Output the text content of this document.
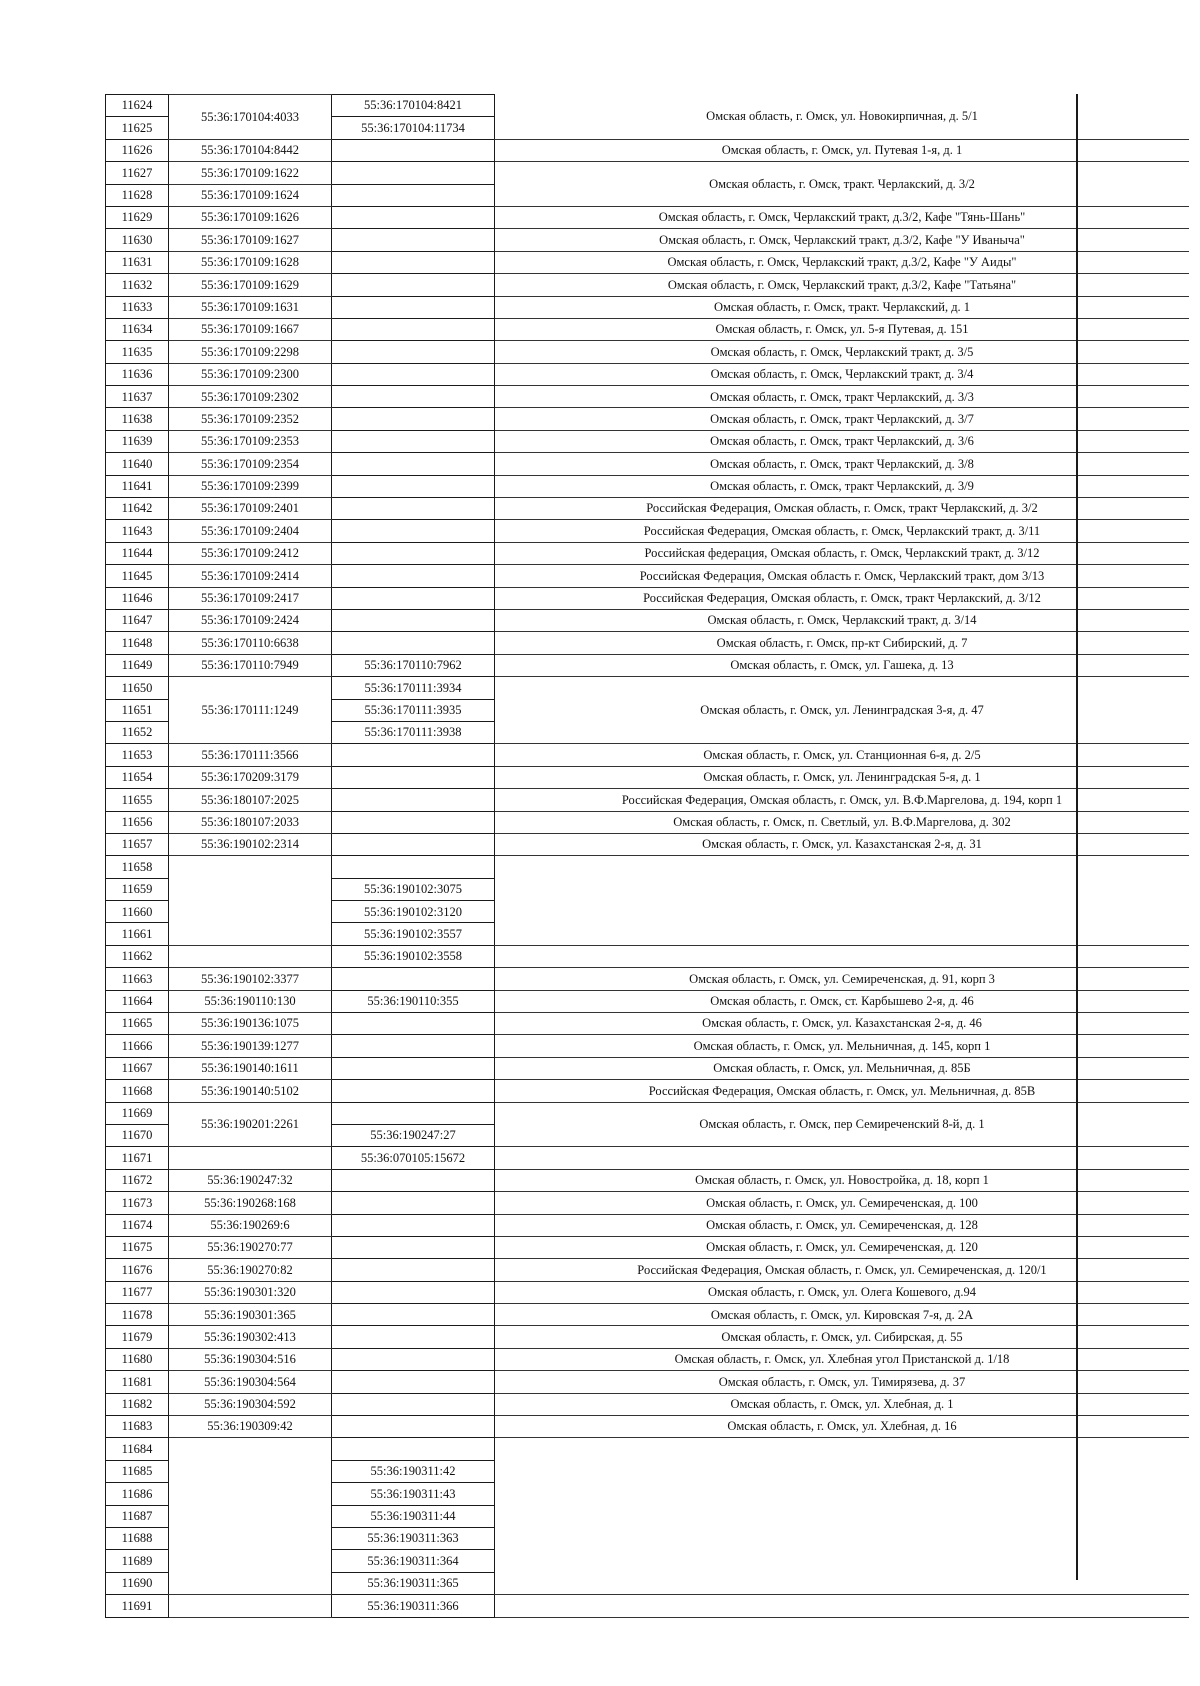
11624	55:36:170104:4033	55:36:170104:8421	Омская область, г. Омск, ул. Новокирпичная, д. 5/1
11625		55:36:170104:11734	
11626	55:36:170104:8442		Омская область, г. Омск, ул. Путевая 1-я, д. 1
11627	55:36:170109:1622		Омская область, г. Омск, тракт. Черлакский, д. 3/2
11628	55:36:170109:1624		
11629	55:36:170109:1626		Омская область, г. Омск, Черлакский тракт, д.3/2, Кафе "Тянь-Шань"
11630	55:36:170109:1627		Омская область, г. Омск, Черлакский тракт, д.3/2, Кафе "У Иваныча"
11631	55:36:170109:1628		Омская область, г. Омск, Черлакский тракт, д.3/2, Кафе "У Аиды"
11632	55:36:170109:1629		Омская область, г. Омск, Черлакский тракт, д.3/2, Кафе "Татьяна"
11633	55:36:170109:1631		Омская область, г. Омск, тракт. Черлакский, д. 1
11634	55:36:170109:1667		Омская область, г. Омск, ул. 5-я Путевая, д. 151
11635	55:36:170109:2298		Омская область, г. Омск, Черлакский тракт, д. 3/5
11636	55:36:170109:2300		Омская область, г. Омск, Черлакский тракт, д. 3/4
11637	55:36:170109:2302		Омская область, г. Омск, тракт Черлакский, д. 3/3
11638	55:36:170109:2352		Омская область, г. Омск, тракт Черлакский, д. 3/7
11639	55:36:170109:2353		Омская область, г. Омск, тракт Черлакский, д. 3/6
11640	55:36:170109:2354		Омская область, г. Омск, тракт Черлакский, д. 3/8
11641	55:36:170109:2399		Омская область, г. Омск, тракт Черлакский, д. 3/9
11642	55:36:170109:2401		Российская Федерация, Омская область, г. Омск, тракт Черлакский, д. 3/2
11643	55:36:170109:2404		Российская Федерация, Омская область, г. Омск, Черлакский тракт, д. 3/11
11644	55:36:170109:2412		Российская федерация, Омская область, г. Омск, Черлакский тракт, д. 3/12
11645	55:36:170109:2414		Российская Федерация, Омская область г. Омск, Черлакский тракт, дом 3/13
11646	55:36:170109:2417		Российская Федерация, Омская область, г. Омск, тракт Черлакский, д. 3/12
11647	55:36:170109:2424		Омская область, г. Омск, Черлакский тракт, д. 3/14
11648	55:36:170110:6638		Омская область, г. Омск, пр-кт Сибирский, д. 7
11649	55:36:170110:7949	55:36:170110:7962	Омская область, г. Омск, ул. Гашека, д. 13
11650	55:36:170111:1249	55:36:170111:3934	Омская область, г. Омск, ул. Ленинградская 3-я, д. 47
11651		55:36:170111:3935	
11652		55:36:170111:3938	
11653	55:36:170111:3566		Омская область, г. Омск, ул. Станционная 6-я, д. 2/5
11654	55:36:170209:3179		Омская область, г. Омск, ул. Ленинградская 5-я, д. 1
11655	55:36:180107:2025		Российская Федерация, Омская область, г. Омск, ул. В.Ф.Маргелова, д. 194, корп 1
11656	55:36:180107:2033		Омская область, г. Омск, п. Светлый, ул. В.Ф.Маргелова, д. 302
11657	55:36:190102:2314		Омская область, г. Омск, ул. Казахстанская 2-я, д. 31
11658			
11659		55:36:190102:3075	
11660		55:36:190102:3120	
11661		55:36:190102:3557	
11662		55:36:190102:3558	
11663	55:36:190102:3377		Омская область, г. Омск, ул. Семиреченская, д. 91, корп 3
11664	55:36:190110:130	55:36:190110:355	Омская область, г. Омск, ст. Карбышево 2-я, д. 46
11665	55:36:190136:1075		Омская область, г. Омск, ул. Казахстанская 2-я, д. 46
11666	55:36:190139:1277		Омская область, г. Омск, ул. Мельничная, д. 145, корп 1
11667	55:36:190140:1611		Омская область, г. Омск, ул. Мельничная, д. 85Б
11668	55:36:190140:5102		Российская Федерация, Омская область, г. Омск, ул. Мельничная, д. 85В
11669	55:36:190201:2261		Омская область, г. Омск, пер Семиреченский 8-й, д. 1
11670		55:36:190247:27	
11671		55:36:070105:15672	
11672	55:36:190247:32		Омская область, г. Омск, ул. Новостройка, д. 18, корп 1
11673	55:36:190268:168		Омская область, г. Омск, ул. Семиреченская, д. 100
11674	55:36:190269:6		Омская область, г. Омск, ул. Семиреченская, д. 128
11675	55:36:190270:77		Омская область, г. Омск, ул. Семиреченская, д. 120
11676	55:36:190270:82		Российская Федерация, Омская область, г. Омск, ул. Семиреченская, д. 120/1
11677	55:36:190301:320		Омская область, г. Омск, ул. Олега Кошевого, д.94
11678	55:36:190301:365		Омская область, г. Омск, ул. Кировская 7-я, д. 2А
11679	55:36:190302:413		Омская область, г. Омск, ул. Сибирская, д. 55
11680	55:36:190304:516		Омская область, г. Омск, ул. Хлебная угол Пристанской д. 1/18
11681	55:36:190304:564		Омская область, г. Омск, ул. Тимирязева, д. 37
11682	55:36:190304:592		Омская область, г. Омск, ул. Хлебная, д. 1
11683	55:36:190309:42		Омская область, г. Омск, ул. Хлебная, д. 16
11684			
11685		55:36:190311:42	
11686		55:36:190311:43	
11687		55:36:190311:44	
11688		55:36:190311:363	
11689		55:36:190311:364	
11690		55:36:190311:365	
11691		55:36:190311:366	
